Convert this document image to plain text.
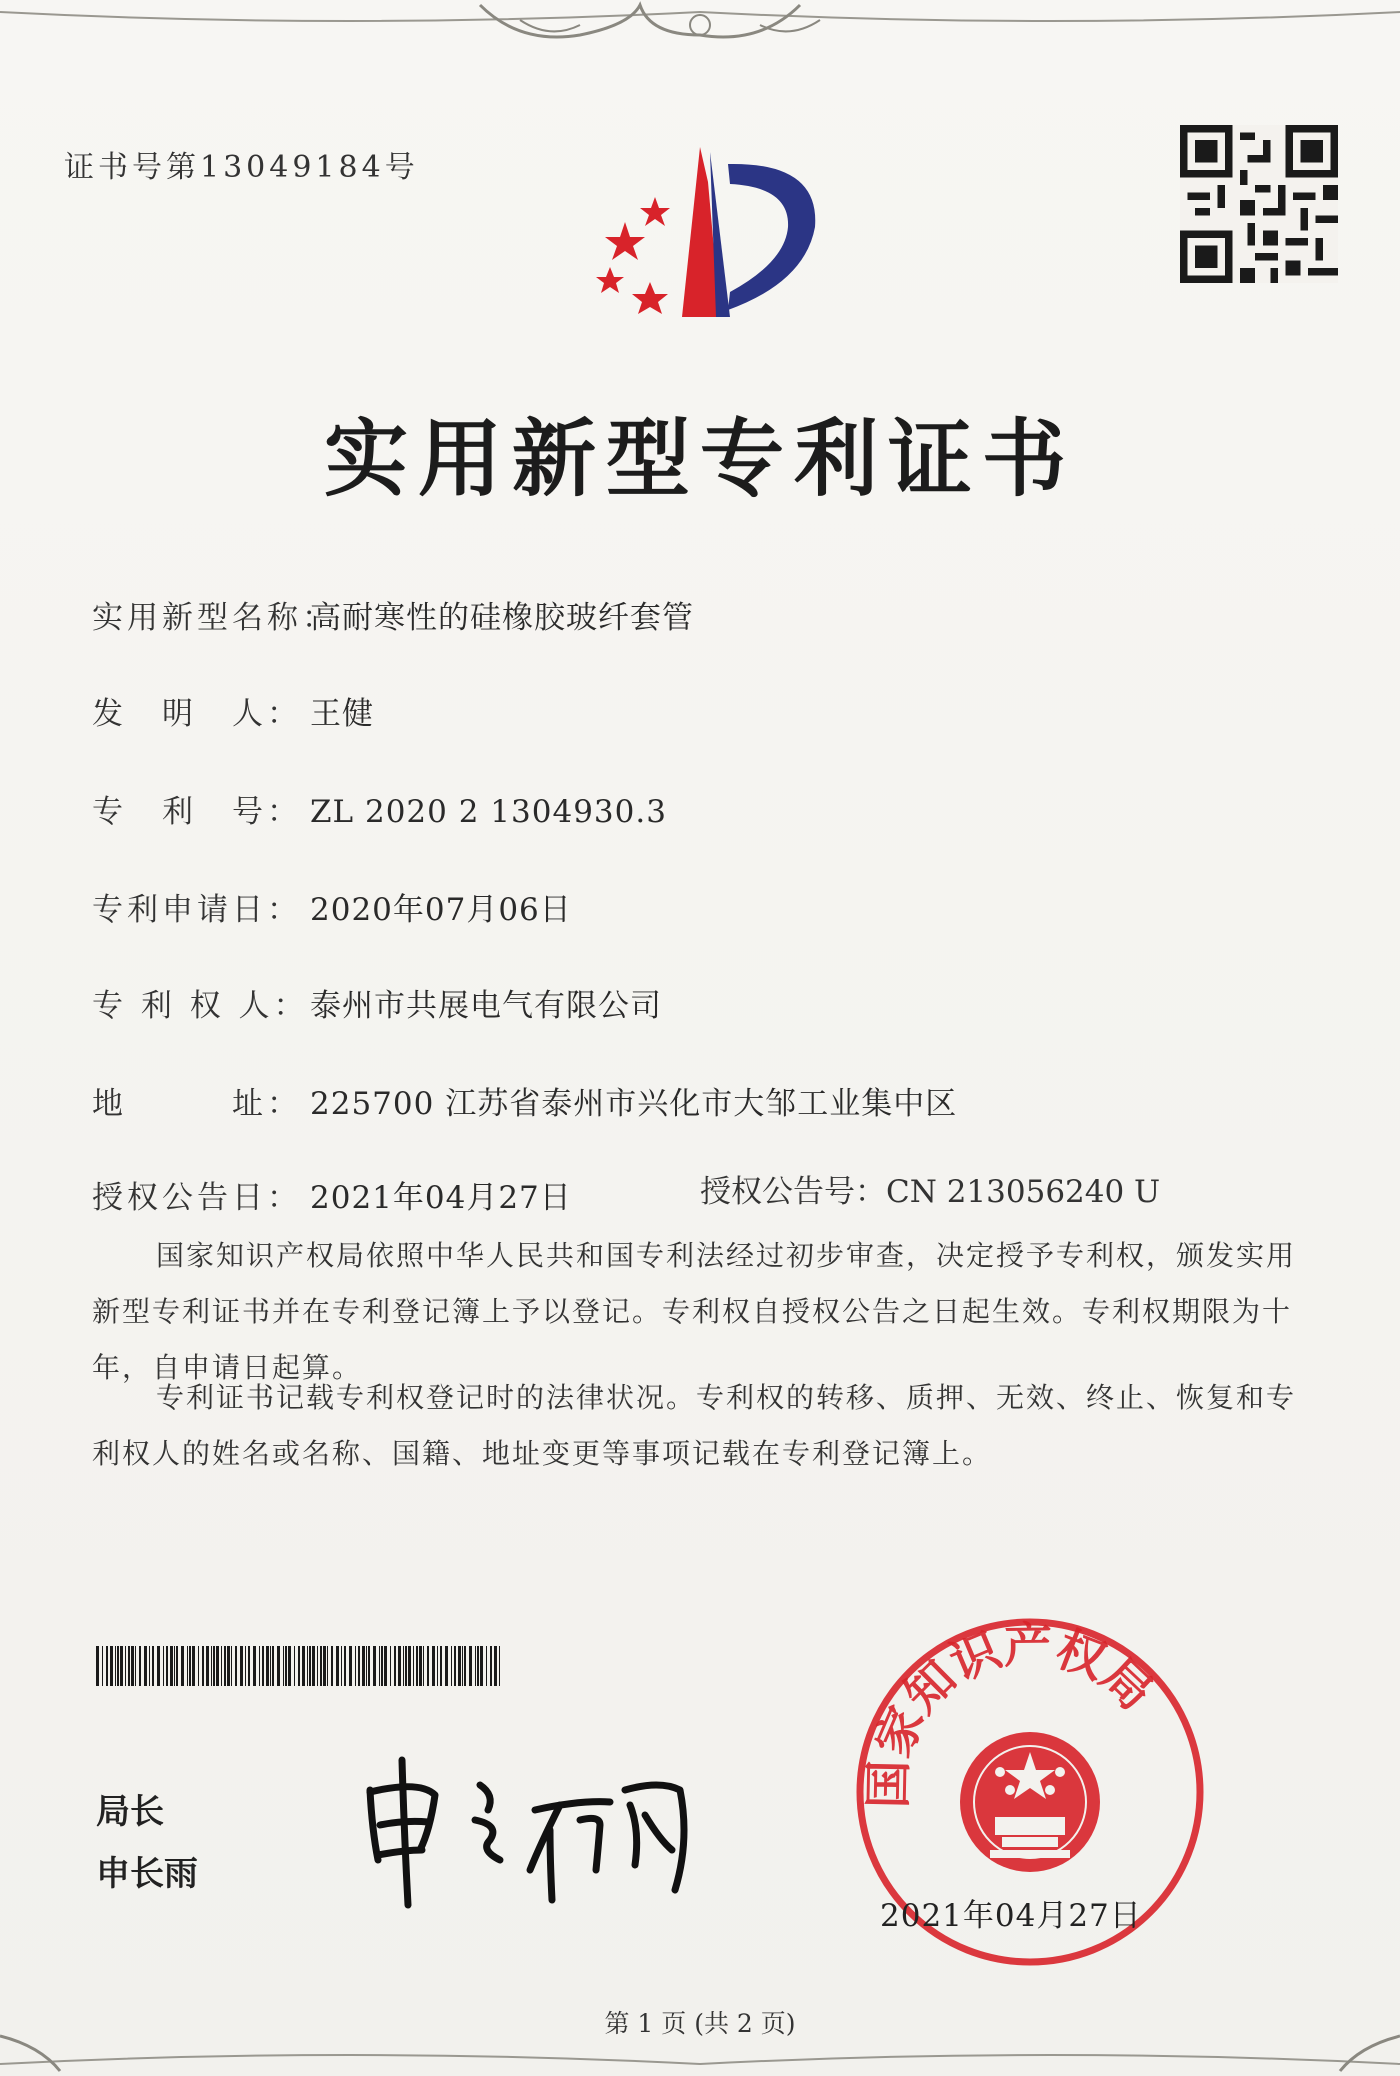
证书号第13049184号
实用新型专利证书
实用新型名称：高耐寒性的硅橡胶玻纤套管
发　明　人： 王健
专　利　号： ZL 2020 2 1304930.3
专利申请日： 2020年07月06日
专 利 权 人：泰州市共展电气有限公司
地　　　址： 225700 江苏省泰州市兴化市大邹工业集中区
授权公告日： 2021年04月27日	授权公告号：CN 213056240 U
国家知识产权局依照中华人民共和国专利法经过初步审查，决定授予专利权，颁发实用新型专利证书并在专利登记簿上予以登记。专利权自授权公告之日起生效。专利权期限为十年，自申请日起算。
专利证书记载专利权登记时的法律状况。专利权的转移、质押、无效、终止、恢复和专利权人的姓名或名称、国籍、地址变更等事项记载在专利登记簿上。
局长
申长雨
国家知识产权局
2021年04月27日
第 1 页 (共 2 页)
